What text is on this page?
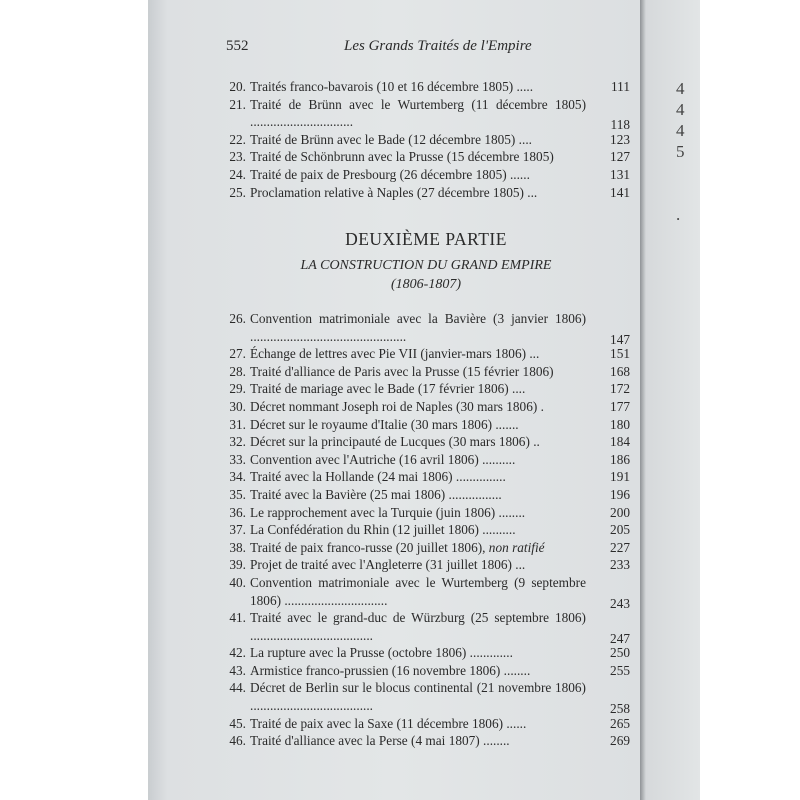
552	Les Grands Traités de l'Empire
20. Traités franco-bavarois (10 et 16 décembre 1805) .....	111
21. Traité de Brünn avec le Wurtemberg (11 décembre 1805) ...............................	118
22. Traité de Brünn avec le Bade (12 décembre 1805) ....	123
23. Traité de Schönbrunn avec la Prusse (15 décembre 1805)	127
24. Traité de paix de Presbourg (26 décembre 1805) ......	131
25. Proclamation relative à Naples (27 décembre 1805) ...	141
DEUXIÈME PARTIE
LA CONSTRUCTION DU GRAND EMPIRE
(1806-1807)
26. Convention matrimoniale avec la Bavière (3 janvier 1806) ...............................................	147
27. Échange de lettres avec Pie VII (janvier-mars 1806) ...	151
28. Traité d'alliance de Paris avec la Prusse (15 février 1806)	168
29. Traité de mariage avec le Bade (17 février 1806) ....	172
30. Décret nommant Joseph roi de Naples (30 mars 1806) .	177
31. Décret sur le royaume d'Italie (30 mars 1806) .......	180
32. Décret sur la principauté de Lucques (30 mars 1806) ..	184
33. Convention avec l'Autriche (16 avril 1806) ..........	186
34. Traité avec la Hollande (24 mai 1806) ...............	191
35. Traité avec la Bavière (25 mai 1806) ................	196
36. Le rapprochement avec la Turquie (juin 1806) ........	200
37. La Confédération du Rhin (12 juillet 1806) ..........	205
38. Traité de paix franco-russe (20 juillet 1806), non ratifié	227
39. Projet de traité avec l'Angleterre (31 juillet 1806) ...	233
40. Convention matrimoniale avec le Wurtemberg (9 septembre 1806) ...............................	243
41. Traité avec le grand-duc de Würzburg (25 septembre 1806) .....................................	247
42. La rupture avec la Prusse (octobre 1806) .............	250
43. Armistice franco-prussien (16 novembre 1806) ........	255
44. Décret de Berlin sur le blocus continental (21 novembre 1806) .....................................	258
45. Traité de paix avec la Saxe (11 décembre 1806) ......	265
46. Traité d'alliance avec la Perse (4 mai 1807) ........	269
4
4
4
5

.
